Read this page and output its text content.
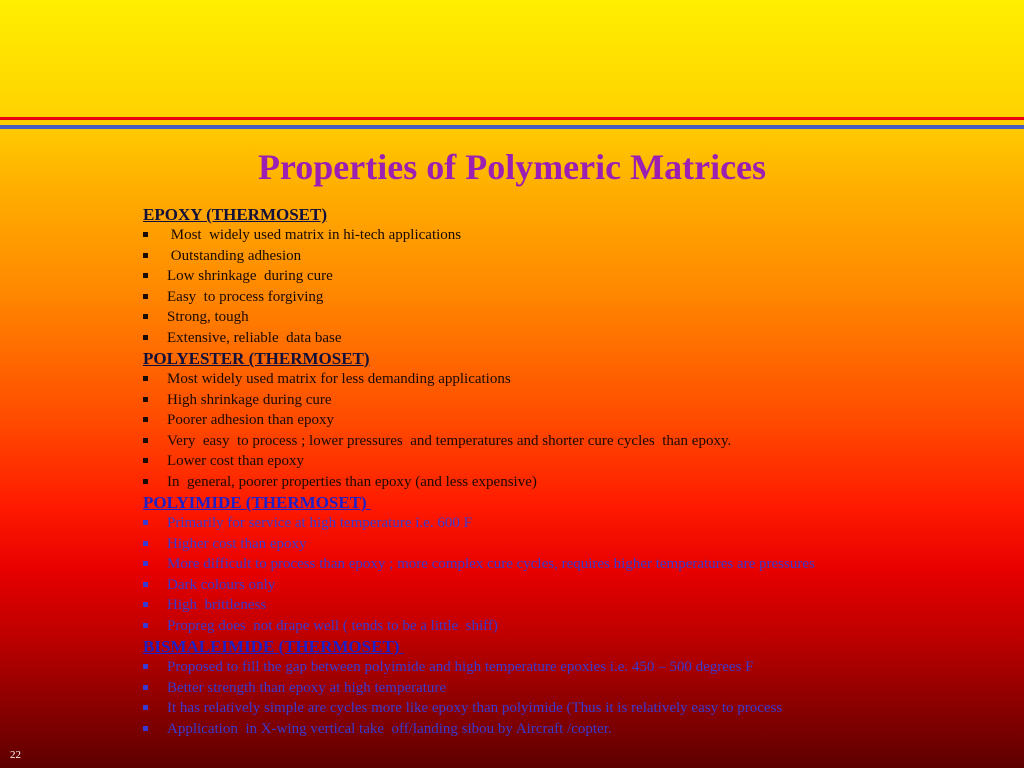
Properties of Polymeric Matrices
EPOXY (THERMOSET)
Most  widely used matrix in hi-tech applications
Outstanding adhesion
Low shrinkage  during cure
Easy  to process forgiving
Strong, tough
Extensive, reliable  data base
POLYESTER (THERMOSET)
Most widely used matrix for less demanding applications
High shrinkage during cure
Poorer adhesion than epoxy
Very  easy  to process ; lower pressures  and temperatures and shorter cure cycles  than epoxy.
Lower cost than epoxy
In  general, poorer properties than epoxy (and less expensive)
POLYIMIDE (THERMOSET)
Primarily for service at high temperature i.e. 600 F
Higher cost than epoxy
More difficult to process than epoxy ; more complex cure cycles, requires higher temperatures are pressures
Dark colours only
High  brittleness
Propreg does  not drape well ( tends to be a little  shiff)
BISMALEIMIDE (THERMOSET)
Proposed to fill the gap between polyimide and high temperature epoxies i.e. 450 – 500 degrees F
Better strength than epoxy at high temperature
It has relatively simple are cycles more like epoxy than polyimide (Thus it is relatively easy to process
Application  in X-wing vertical take  off/landing sibou by Aircraft /copter.
22
